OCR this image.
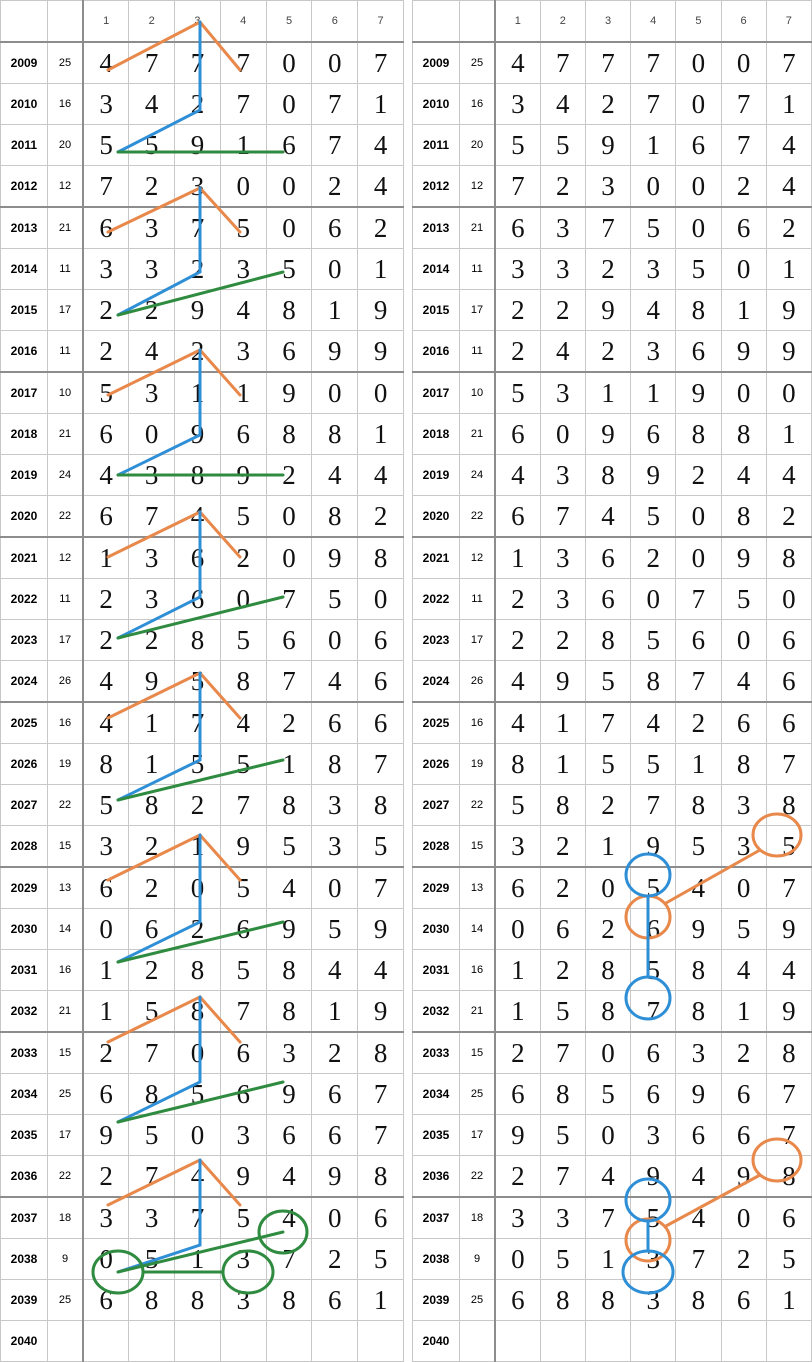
		1	2	3	4	5	6	7
2009	25	4	7	7	7	0	0	7
2010	16	3	4	2	7	0	7	1
2011	20	5	5	9	1	6	7	4
2012	12	7	2	3	0	0	2	4
2013	21	6	3	7	5	0	6	2
2014	11	3	3	2	3	5	0	1
2015	17	2	2	9	4	8	1	9
2016	11	2	4	2	3	6	9	9
2017	10	5	3	1	1	9	0	0
2018	21	6	0	9	6	8	8	1
2019	24	4	3	8	9	2	4	4
2020	22	6	7	4	5	0	8	2
2021	12	1	3	6	2	0	9	8
2022	11	2	3	6	0	7	5	0
2023	17	2	2	8	5	6	0	6
2024	26	4	9	5	8	7	4	6
2025	16	4	1	7	4	2	6	6
2026	19	8	1	5	5	1	8	7
2027	22	5	8	2	7	8	3	8
2028	15	3	2	1	9	5	3	5
2029	13	6	2	0	5	4	0	7
2030	14	0	6	2	6	9	5	9
2031	16	1	2	8	5	8	4	4
2032	21	1	5	8	7	8	1	9
2033	15	2	7	0	6	3	2	8
2034	25	6	8	5	6	9	6	7
2035	17	9	5	0	3	6	6	7
2036	22	2	7	4	9	4	9	8
2037	18	3	3	7	5	4	0	6
2038	9	0	5	1	3	7	2	5
2039	25	6	8	8	3	8	6	1
2040								
		1	2	3	4	5	6	7
2009	25	4	7	7	7	0	0	7
2010	16	3	4	2	7	0	7	1
2011	20	5	5	9	1	6	7	4
2012	12	7	2	3	0	0	2	4
2013	21	6	3	7	5	0	6	2
2014	11	3	3	2	3	5	0	1
2015	17	2	2	9	4	8	1	9
2016	11	2	4	2	3	6	9	9
2017	10	5	3	1	1	9	0	0
2018	21	6	0	9	6	8	8	1
2019	24	4	3	8	9	2	4	4
2020	22	6	7	4	5	0	8	2
2021	12	1	3	6	2	0	9	8
2022	11	2	3	6	0	7	5	0
2023	17	2	2	8	5	6	0	6
2024	26	4	9	5	8	7	4	6
2025	16	4	1	7	4	2	6	6
2026	19	8	1	5	5	1	8	7
2027	22	5	8	2	7	8	3	8
2028	15	3	2	1	9	5	3	5
2029	13	6	2	0	5	4	0	7
2030	14	0	6	2	6	9	5	9
2031	16	1	2	8	5	8	4	4
2032	21	1	5	8	7	8	1	9
2033	15	2	7	0	6	3	2	8
2034	25	6	8	5	6	9	6	7
2035	17	9	5	0	3	6	6	7
2036	22	2	7	4	9	4	9	8
2037	18	3	3	7	5	4	0	6
2038	9	0	5	1	3	7	2	5
2039	25	6	8	8	3	8	6	1
2040								
